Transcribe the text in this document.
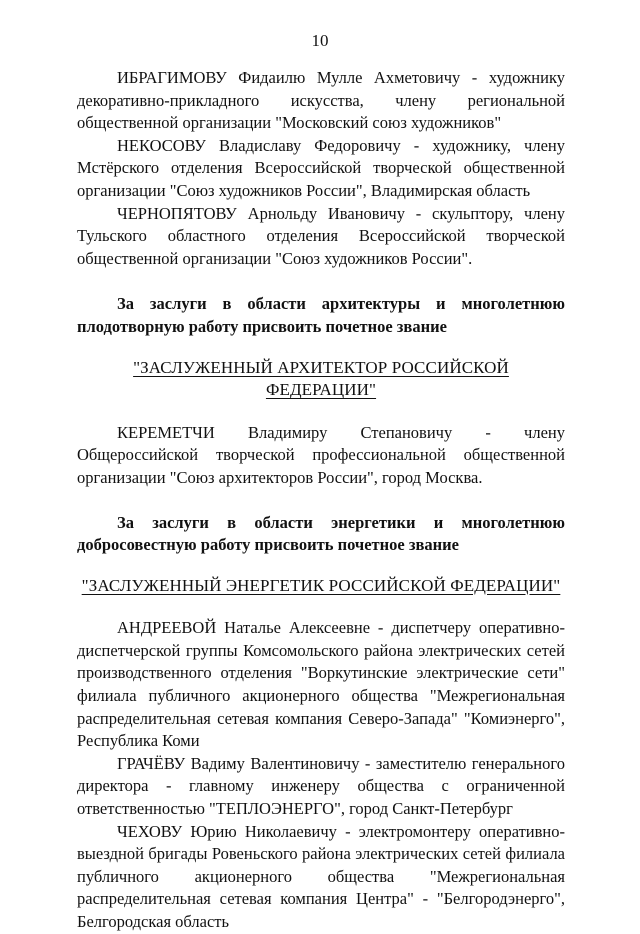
10

ИБРАГИМОВУ Фидаилю Мулле Ахметовичу - художнику декоративно-прикладного искусства, члену региональной общественной организации "Московский союз художников"

НЕКОСОВУ Владиславу Федоровичу - художнику, члену Мстёрского отделения Всероссийской творческой общественной организации "Союз художников России", Владимирская область

ЧЕРНОПЯТОВУ Арнольду Ивановичу - скульптору, члену Тульского областного отделения Всероссийской творческой общественной организации "Союз художников России".

За заслуги в области архитектуры и многолетнюю плодотворную работу присвоить почетное звание

"ЗАСЛУЖЕННЫЙ АРХИТЕКТОР РОССИЙСКОЙ ФЕДЕРАЦИИ"

КЕРЕМЕТЧИ Владимиру Степановичу - члену Общероссийской творческой профессиональной общественной организации "Союз архитекторов России", город Москва.

За заслуги в области энергетики и многолетнюю добросовестную работу присвоить почетное звание

"ЗАСЛУЖЕННЫЙ ЭНЕРГЕТИК РОССИЙСКОЙ ФЕДЕРАЦИИ"

АНДРЕЕВОЙ Наталье Алексеевне - диспетчеру оперативно-диспетчерской группы Комсомольского района электрических сетей производственного отделения "Воркутинские электрические сети" филиала публичного акционерного общества "Межрегиональная распределительная сетевая компания Северо-Запада" "Комиэнерго", Республика Коми

ГРАЧЁВУ Вадиму Валентиновичу - заместителю генерального директора - главному инженеру общества с ограниченной ответственностью "ТЕПЛОЭНЕРГО", город Санкт-Петербург

ЧЕХОВУ Юрию Николаевичу - электромонтеру оперативно-выездной бригады Ровеньского района электрических сетей филиала публичного акционерного общества "Межрегиональная распределительная сетевая компания Центра" - "Белгородэнерго", Белгородская область
